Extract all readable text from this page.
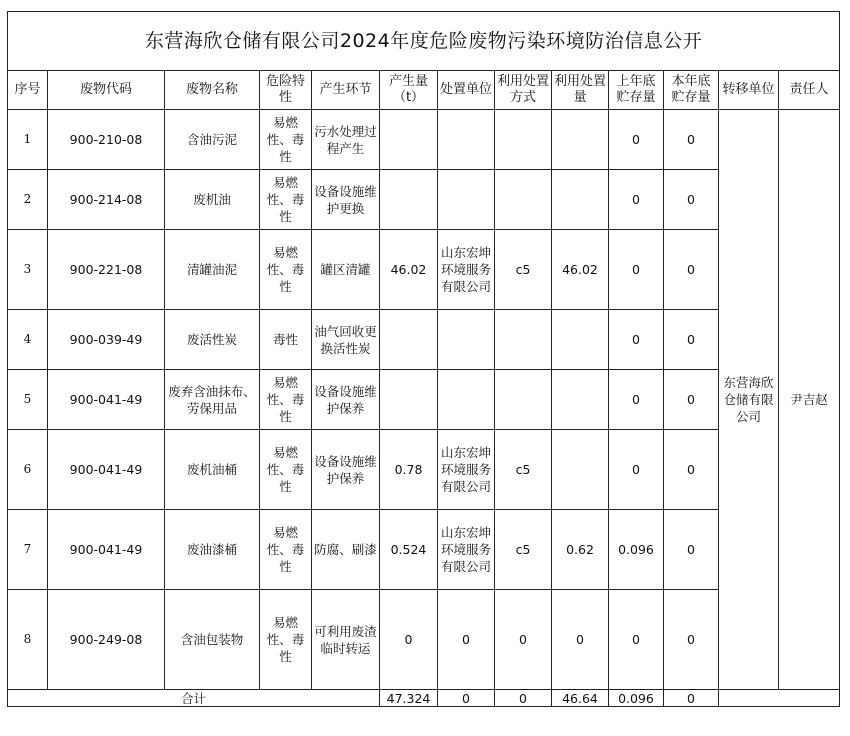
东营海欣仓储有限公司2024年度危险废物污染环境防治信息公开												
序号	废物代码	废物名称	危险特性	产生环节	产生量（t）	处置单位	利用处置方式	利用处置量	上年底贮存量	本年底贮存量	转移单位	责任人
1	900-210-08	含油污泥	易燃性、毒性	污水处理过程产生					0	0	东营海欣仓储有限公司	尹吉赵
2	900-214-08	废机油	易燃性、毒性	设备设施维护更换					0	0		
3	900-221-08	清罐油泥	易燃性、毒性	罐区清罐	46.02	山东宏坤环境服务有限公司	c5	46.02	0	0		
4	900-039-49	废活性炭	毒性	油气回收更换活性炭					0	0		
5	900-041-49	废弃含油抹布、劳保用品	易燃性、毒性	设备设施维护保养					0	0		
6	900-041-49	废机油桶	易燃性、毒性	设备设施维护保养	0.78	山东宏坤环境服务有限公司	c5		0	0		
7	900-041-49	废油漆桶	易燃性、毒性	防腐、刷漆	0.524	山东宏坤环境服务有限公司	c5	0.62	0.096	0		
8	900-249-08	含油包装物	易燃性、毒性	可利用废渣临时转运	0	0	0	0	0	0		
合计					47.324	0	0	46.64	0.096	0		
